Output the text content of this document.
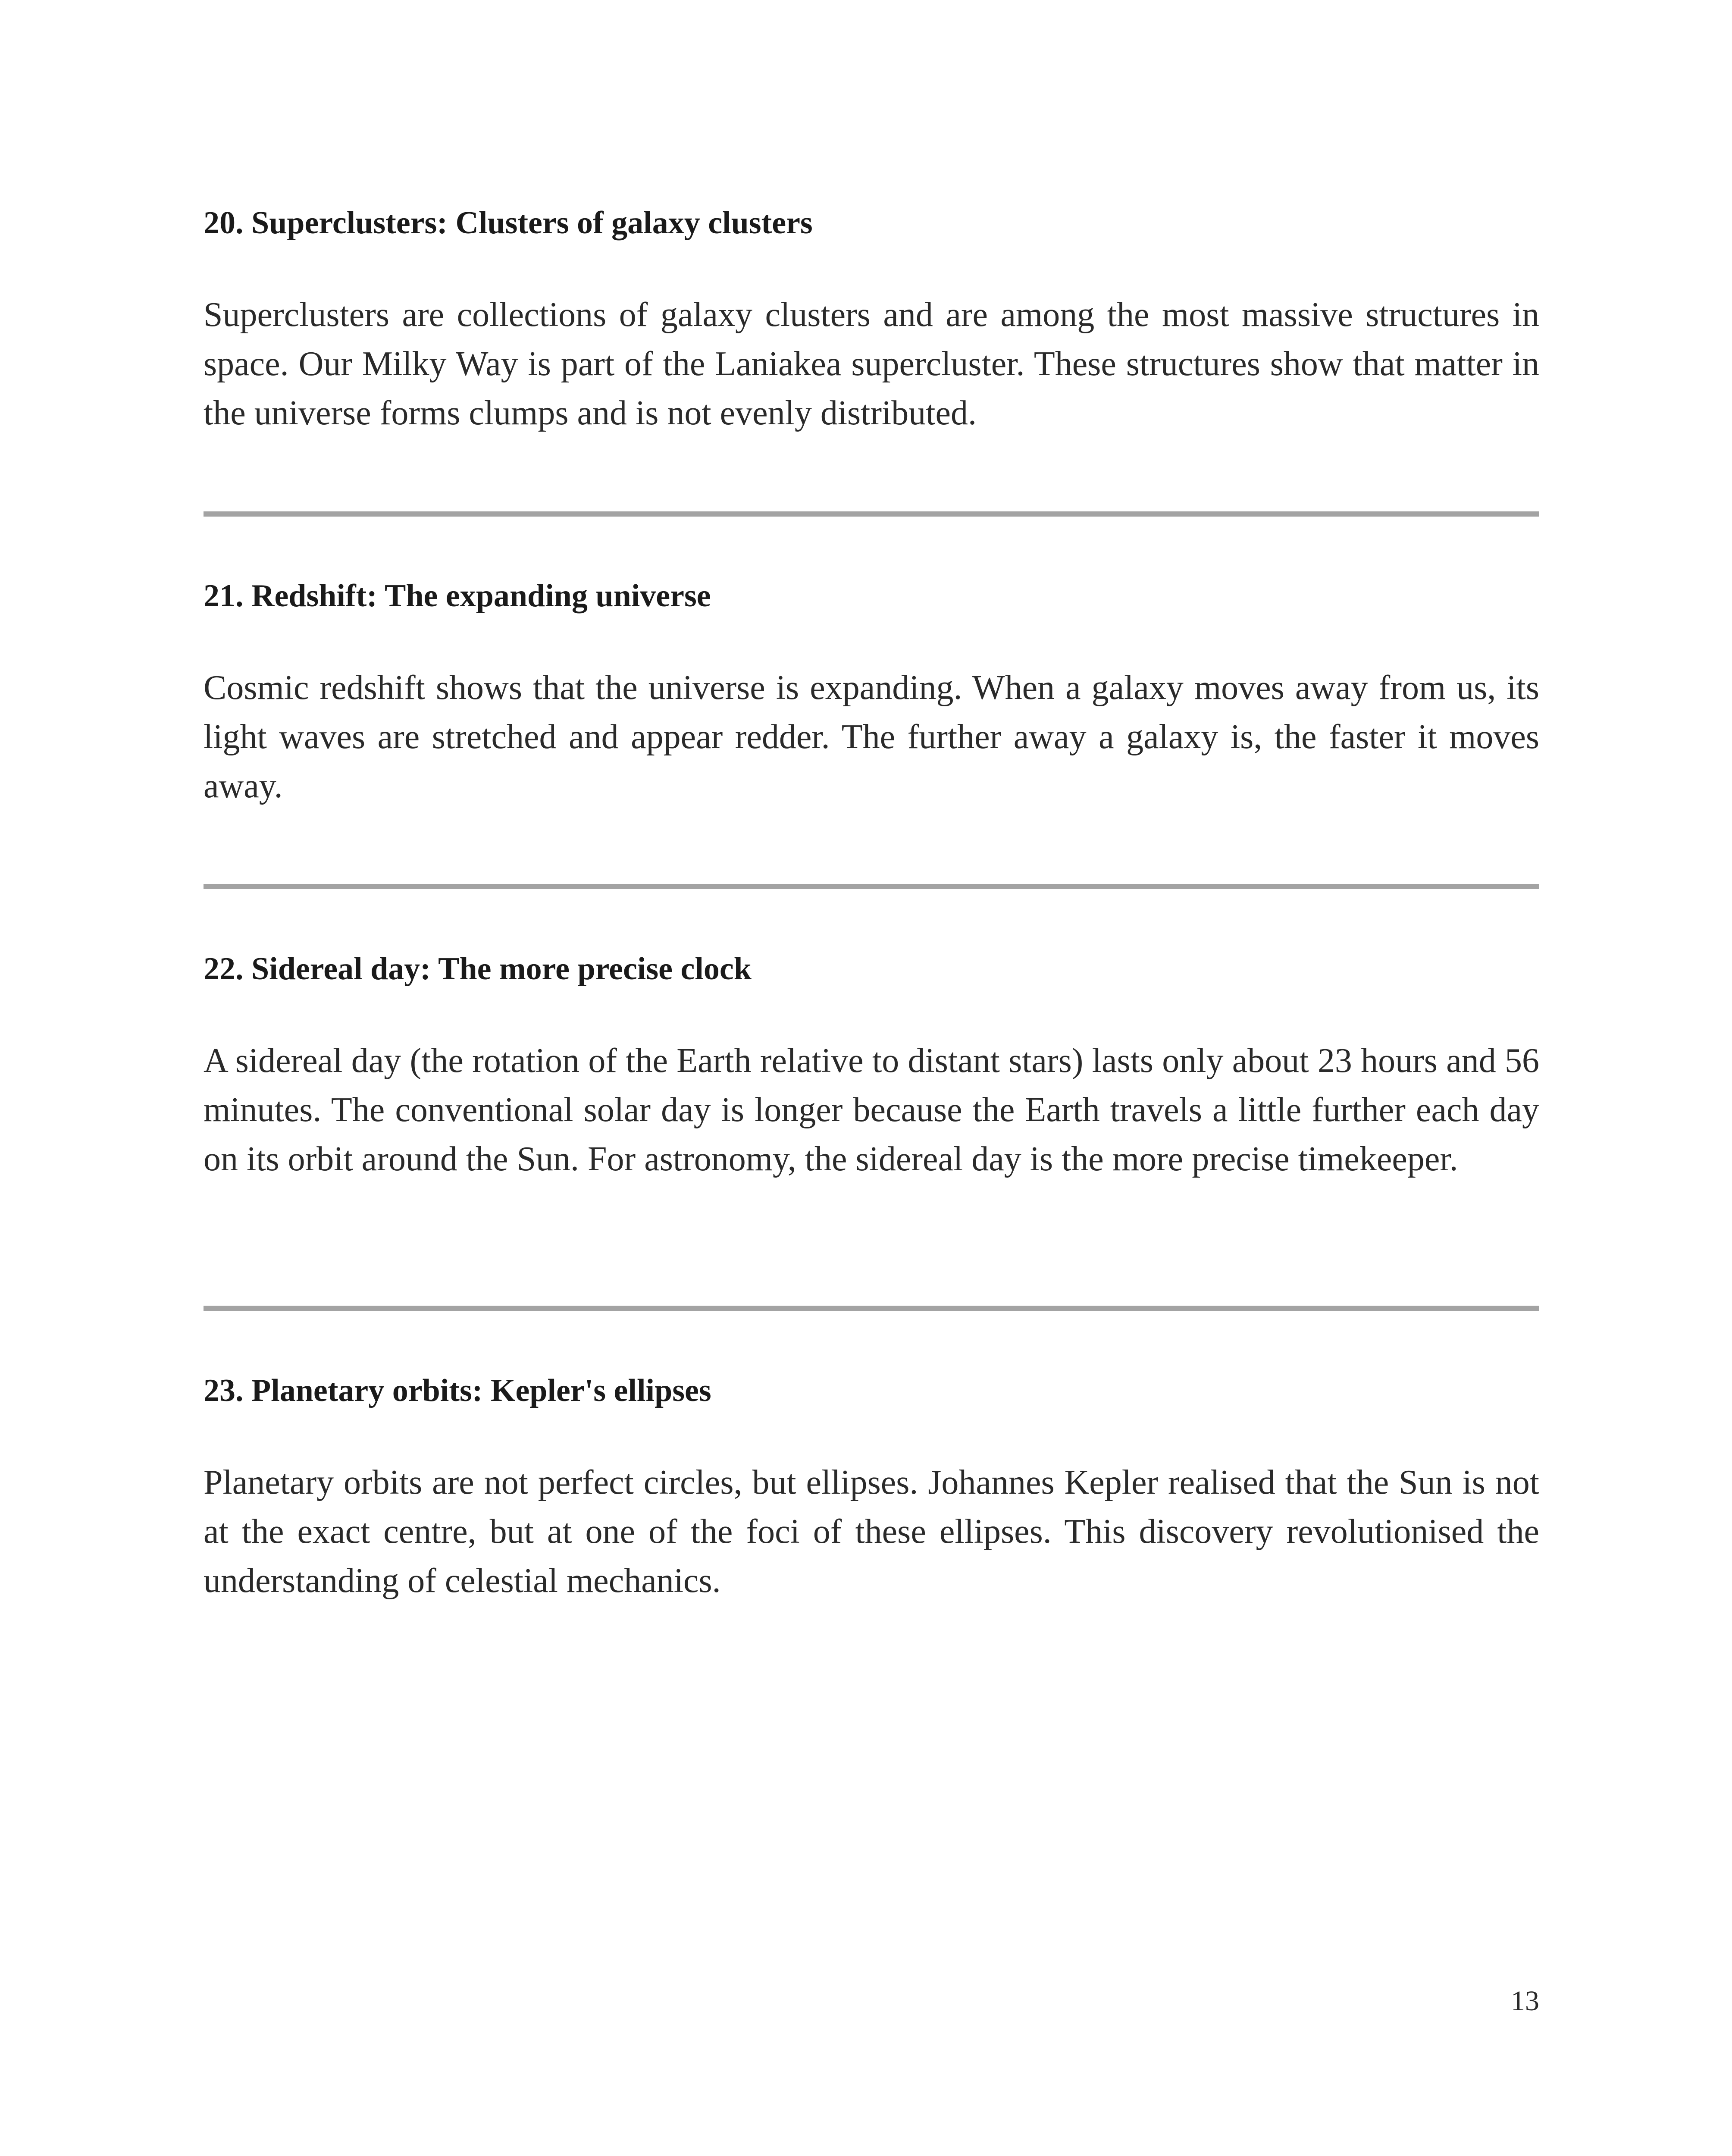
20. Superclusters: Clusters of galaxy clusters

Superclusters are collections of galaxy clusters and are among the most massive structures in space. Our Milky Way is part of the Laniakea supercluster. These structures show that matter in the universe forms clumps and is not evenly distributed.

21. Redshift: The expanding universe

Cosmic redshift shows that the universe is expanding. When a galaxy moves away from us, its light waves are stretched and appear redder. The further away a galaxy is, the faster it moves away.

22. Sidereal day: The more precise clock

A sidereal day (the rotation of the Earth relative to distant stars) lasts only about 23 hours and 56 minutes. The conventional solar day is longer because the Earth travels a little further each day on its orbit around the Sun. For astronomy, the sidereal day is the more precise timekeeper.

23. Planetary orbits: Kepler's ellipses

Planetary orbits are not perfect circles, but ellipses. Johannes Kepler realised that the Sun is not at the exact centre, but at one of the foci of these ellipses. This discovery revolutionised the understanding of celestial mechanics.

13
